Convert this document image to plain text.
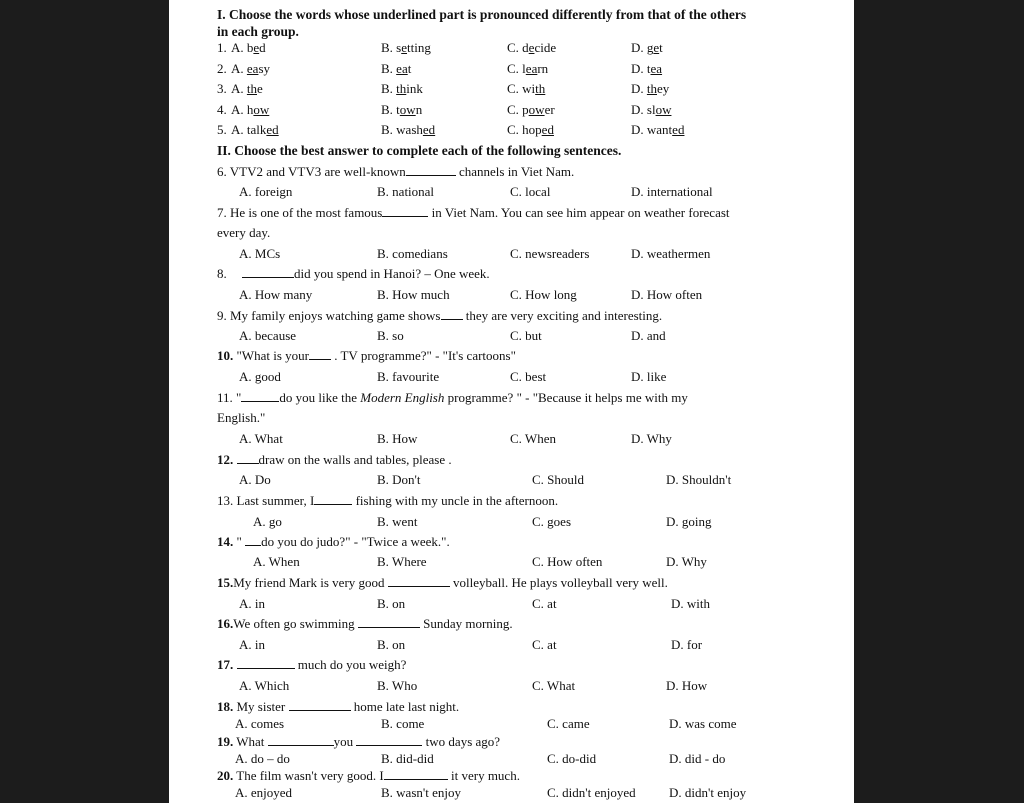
I. Choose the words whose underlined part is pronounced differently from that of the others
in each group.
1. A. bed	B. setting	C. decide	D. get
2. A. easy	B. eat	C. learn	D. tea
3. A. the	B. think	C. with	D. they
4. A. how	B. town	C. power	D. slow
5. A. talked	B. washed	C. hoped	D. wanted
II. Choose the best answer to complete each of the following sentences.
6. VTV2 and VTV3 are well-known	channels in Viet Nam.
A. foreign	B. national	C. local	D. international
7. He is one of the most famous	in Viet Nam. You can see him appear on weather forecast
every day.
A. MCs	B. comedians	C. newsreaders	D. weathermen
8.	did you spend in Hanoi? – One week.
A. How many	B. How much	C. How long	D. How often
9. My family enjoys watching game shows they are very exciting and interesting.
A. because	B. so	C. but	D. and
10. "What is your . TV programme?" - "It's cartoons"
A. good	B. favourite	C. best	D. like
11. "	do you like the Modern English programme? " - "Because it helps me with my
English."
A. What	B. How	C. When	D. Why
12. draw on the walls and tables, please .
A. Do	B. Don't	C. Should	D. Shouldn't
13. Last summer, I	fishing with my uncle in the afternoon.
A. go	B. went	C. goes	D. going
14. " do you do judo?" - "Twice a week.".
A. When	B. Where	C. How often	D. Why
15.My friend Mark is very good	volleyball. He plays volleyball very well.
A. in	B. on	C. at	D. with
16.We often go swimming	Sunday morning.
A. in	B. on	C. at	D. for
17.	much do you weigh?
A. Which	B. Who	C. What	D. How
18. My sister	home late last night.
A. comes	B. come	C. came	D. was come
19. What	you	two days ago?
A. do – do	B. did-did	C. do-did	D. did - do
20. The film wasn't very good. I	it very much.
A. enjoyed	B. wasn't enjoy	C. didn't enjoyed	D. didn't enjoy
